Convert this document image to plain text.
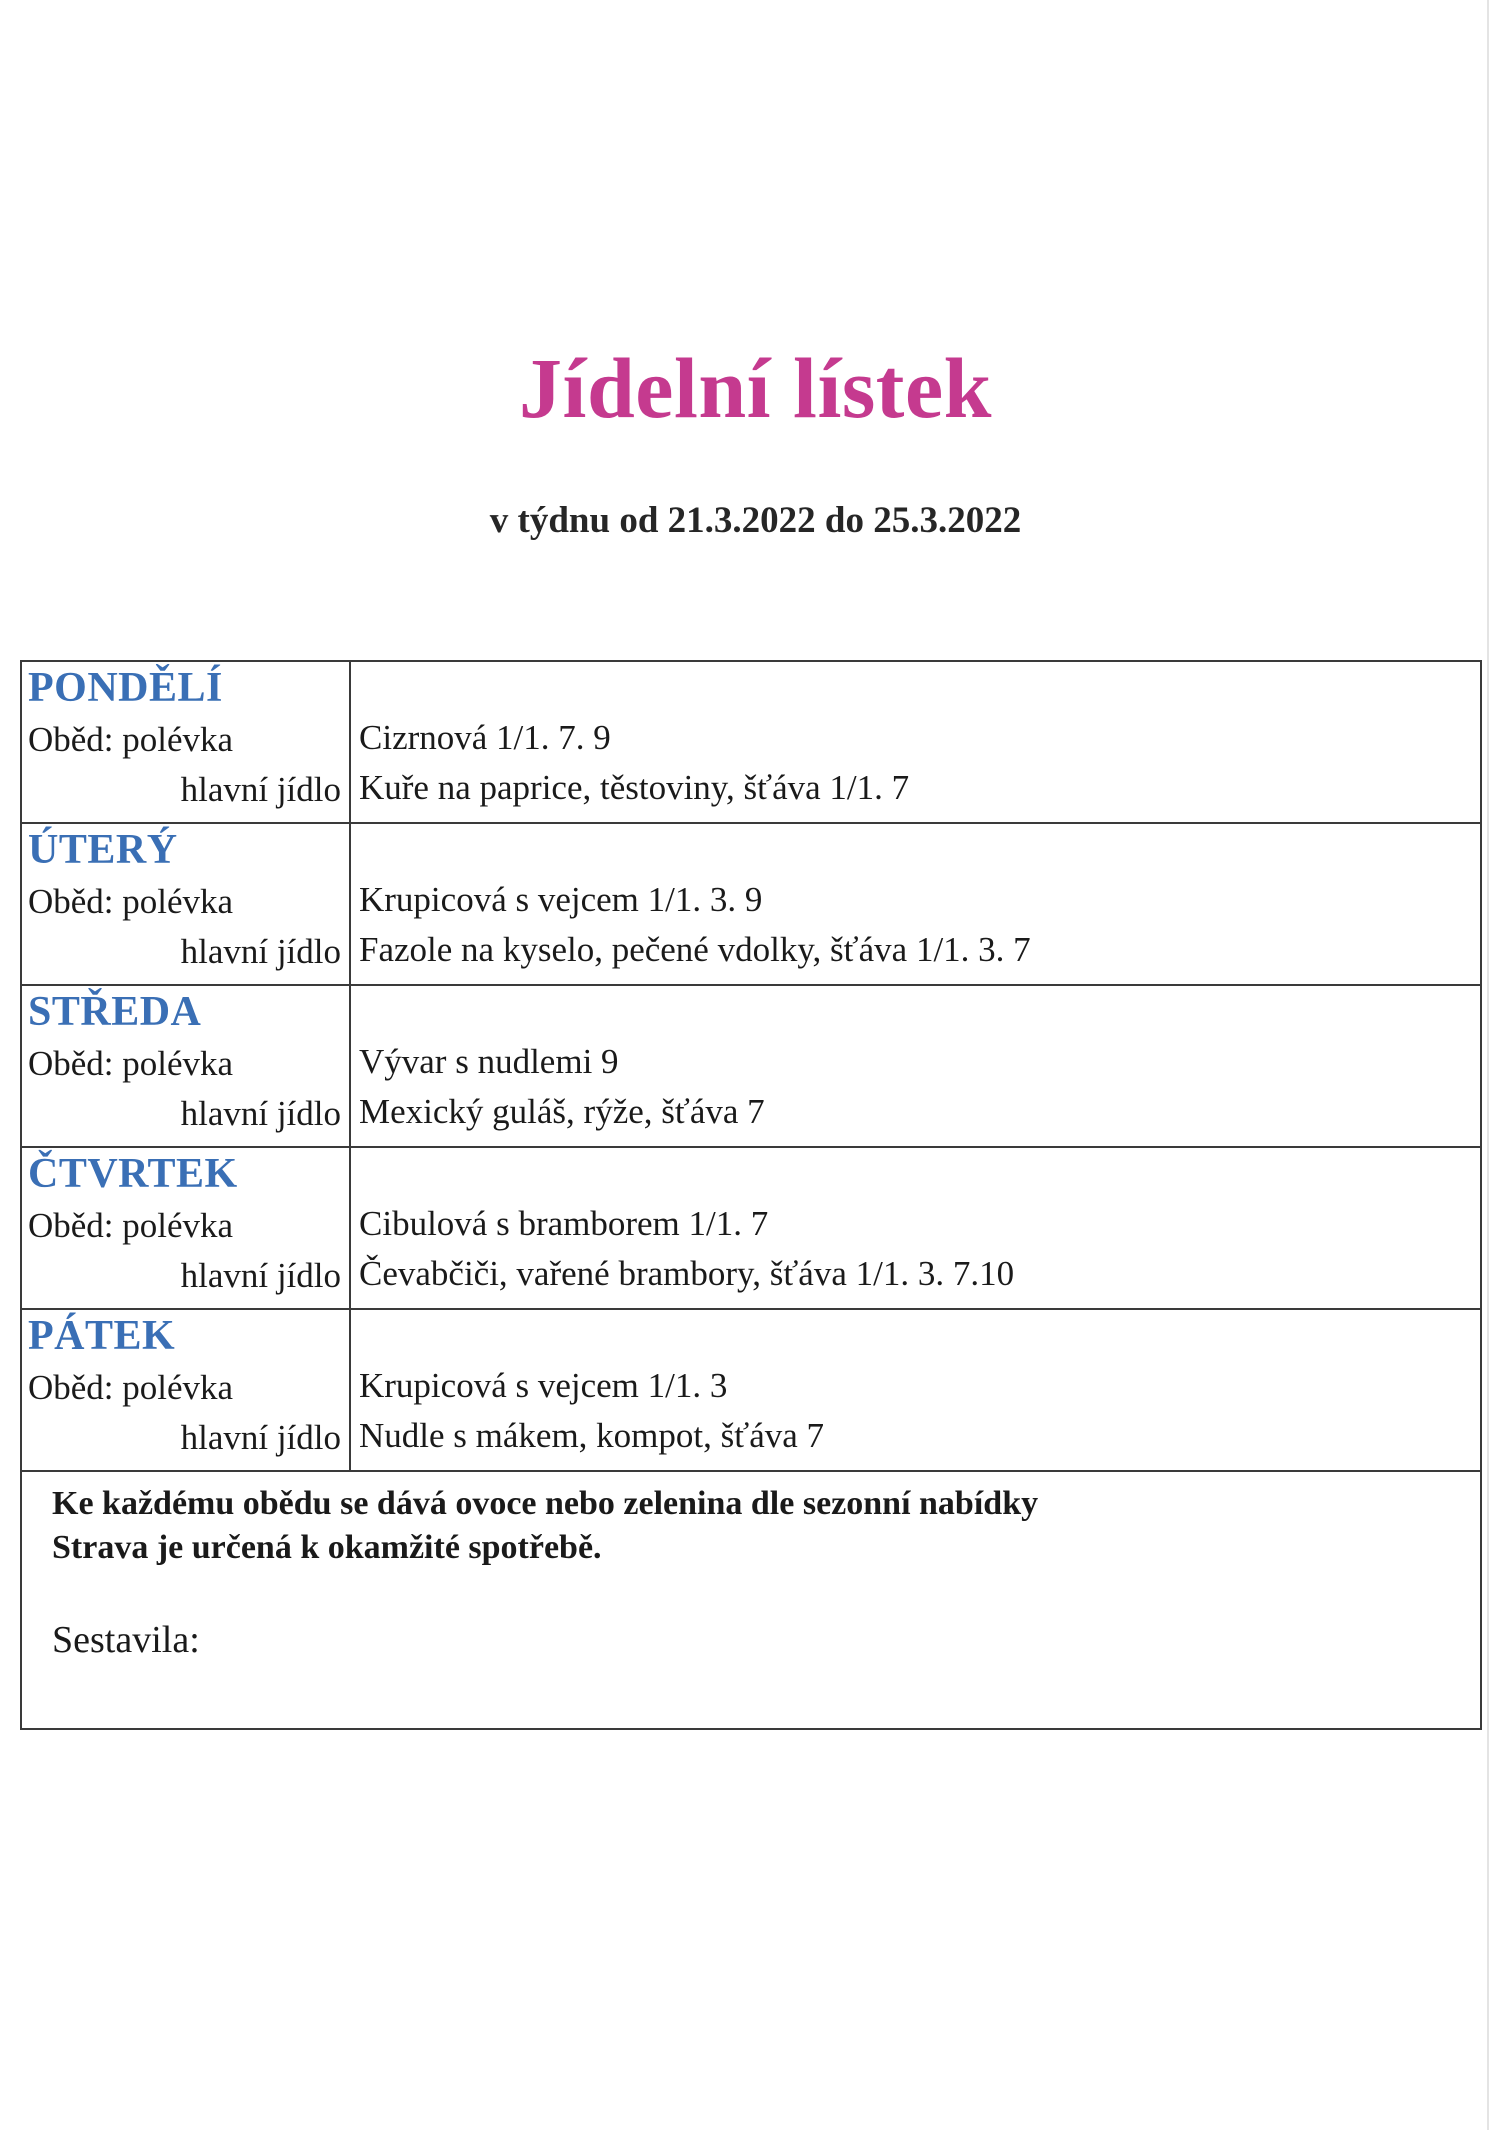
Jídelní lístek
v týdnu od 21.3.2022 do 25.3.2022
PONDĚLÍ
Oběd: polévka
hlavní jídlo
Cizrnová 1/1. 7. 9
Kuře na paprice, těstoviny, šťáva 1/1. 7
ÚTERÝ
Oběd: polévka
hlavní jídlo
Krupicová s vejcem 1/1. 3. 9
Fazole na kyselo, pečené vdolky, šťáva 1/1. 3. 7
STŘEDA
Oběd: polévka
hlavní jídlo
Vývar s nudlemi 9
Mexický guláš, rýže, šťáva 7
ČTVRTEK
Oběd: polévka
hlavní jídlo
Cibulová s bramborem 1/1. 7
Čevabčiči, vařené brambory, šťáva 1/1. 3. 7.10
PÁTEK
Oběd: polévka
hlavní jídlo
Krupicová s vejcem 1/1. 3
Nudle s mákem, kompot, šťáva 7
Ke každému obědu se dává ovoce nebo zelenina dle sezonní nabídky
Strava je určená k okamžité spotřebě.
Sestavila:
